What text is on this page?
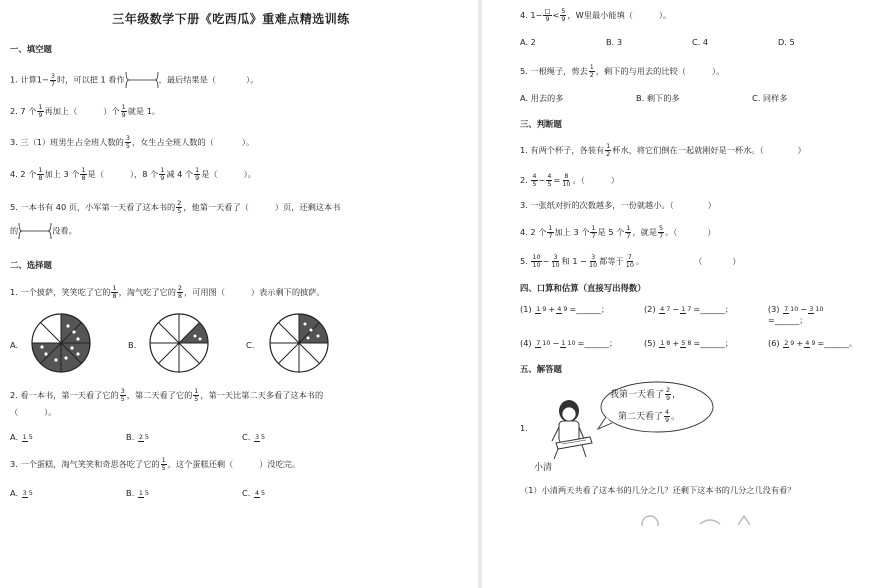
三年级数学下册《吃西瓜》重难点精选训练
一、填空题
1. 计算$1- \frac{3}{7}$ 时，可以把 1 看作	，最后结果是（	）。
2. 7 个 $\frac{1}{9}$ 再加上（	）个 $\frac{1}{9}$ 就是 1。
3. 三（1）班男生占全班人数的 $\frac{3}{5}$ ，女生占全班人数的（	）。
4. 2 个 $\frac{1}{8}$ 加上 3 个 $\frac{1}{8}$ 是（	），8 个 $\frac{1}{9}$ 减 4 个 $\frac{1}{9}$ 是（	）。
5. 一本书有 40 页，小军第一天看了这本书的 $\frac{2}{5}$ ，他第一天看了（	）页，还剩这本书
的	没看。
二、选择题
1. 一个披萨，笑笑吃了它的 $\frac{1}{8}$ ，淘气吃了它的 $\frac{2}{8}$ ，可用图（	）表示剩下的披萨。
A.	B.	C.
2. 看一本书，第一天看了它的 $\frac{3}{5}$ ，第二天看了它的 $\frac{1}{5}$ ，第一天比第二天多看了这本书的
（	）。
A. 1 5	B. 2 5	C. 3 5
3. 一个蛋糕，淘气笑笑和奇思各吃了它的 $\frac{1}{5}$ ，这个蛋糕还剩（	）没吃完。
A. 3 5	B. 1 5	C. 4 5
4. 1− □
$9 < \frac{5}{9}$ ，W里最小能填（	）。
A. 2	B. 3	C. 4	D. 5
5. 一根绳子，剪去 $\frac{1}{2}$ ，剩下的与用去的比较（	）。
A. 用去的多	B. 剩下的多	C. 同样多
三、判断题
1. 有两个杯子，各装有 $\frac{1}{2}$ 杯水，将它们倒在一起就刚好是一杯水。（	）
2. $\frac{4}{5} - \frac{4}{5} = \frac{8}{10}$ 。（	）
3. 一张纸对折的次数越多，一份就越小。（	）
4. 2 个 $\frac{1}{7}$ 加上 3 个 $\frac{1}{7}$ 是 5 个 $\frac{1}{7}$ ，就是 $\frac{5}{7}$ 。（	）
5. $\frac{10}{10} - \frac{3}{10}$ 和 $1 - \frac{3}{10}$ 都等于 $\frac{7}{10}$ 。	（	）
四、口算和估算（直接写出得数）
(1) 1 9 + 4 9 =______；	(2) 4 7 − 1 7 =______；	(3) 7 10 − 3 10=______；
(4) 7 10 − 1 10 =______；	(5) 1 8 + 5 8 =______；	(6) 2 9 + 4 9 =______。
五、解答题
1.
小清
我第一天看了 $\frac{2}{9}$ ，
第二天看了 $\frac{4}{9}$ 。
（1）小清两天共看了这本书的几分之几？还剩下这本书的几分之几没有看？
